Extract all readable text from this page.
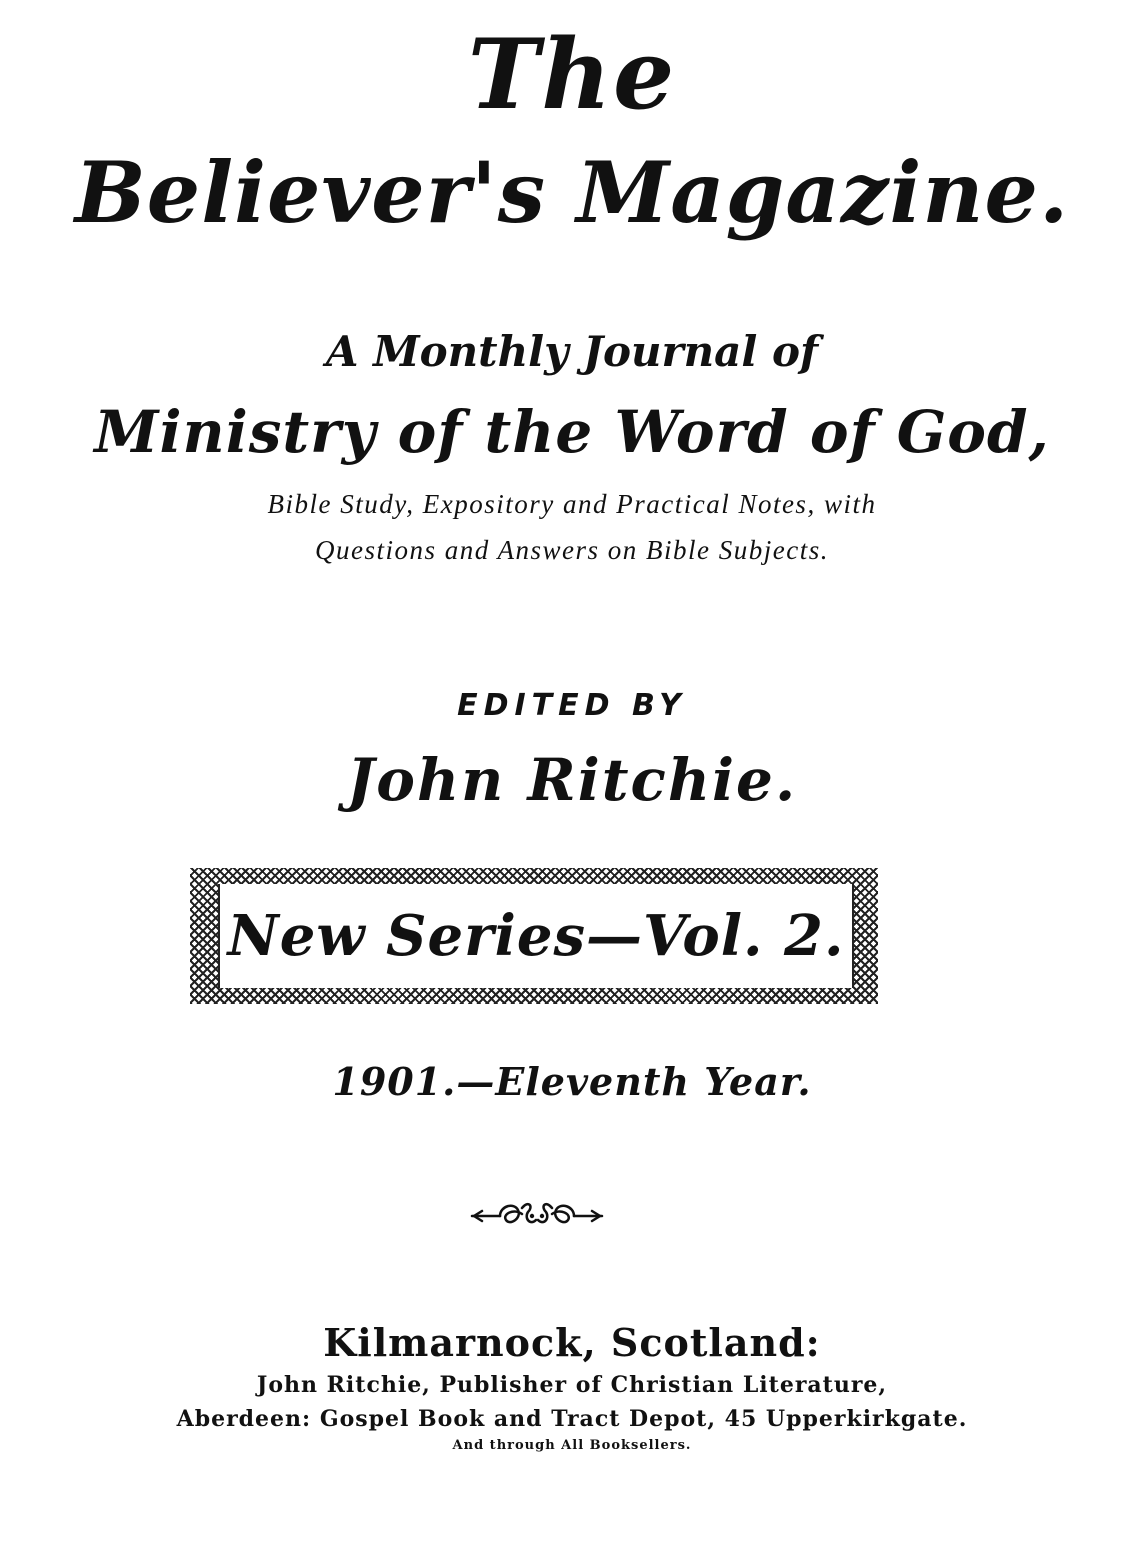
The
Believer's Magazine.
A Monthly Journal of
Ministry of the Word of God,
Bible Study, Expository and Practical Notes, with
Questions and Answers on Bible Subjects.
EDITED BY
John Ritchie.
New Series—Vol. 2.
1901.—Eleventh Year.
Kilmarnock, Scotland:
John Ritchie, Publisher of Christian Literature,
Aberdeen: Gospel Book and Tract Depot, 45 Upperkirkgate.
And through All Booksellers.
